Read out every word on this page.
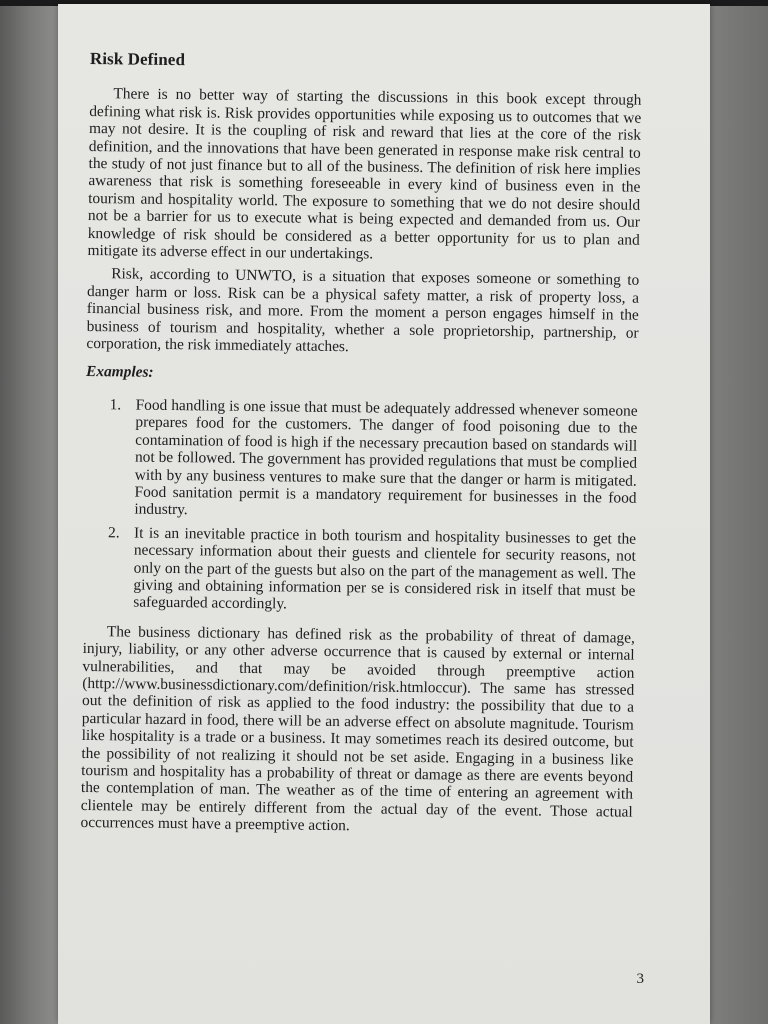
Risk Defined

There is no better way of starting the discussions in this book except through defining what risk is. Risk provides opportunities while exposing us to outcomes that we may not desire. It is the coupling of risk and reward that lies at the core of the risk definition, and the innovations that have been generated in response make risk central to the study of not just finance but to all of the business. The definition of risk here implies awareness that risk is something foreseeable in every kind of business even in the tourism and hospitality world. The exposure to something that we do not desire should not be a barrier for us to execute what is being expected and demanded from us. Our knowledge of risk should be considered as a better opportunity for us to plan and mitigate its adverse effect in our undertakings.

Risk, according to UNWTO, is a situation that exposes someone or something to danger harm or loss. Risk can be a physical safety matter, a risk of property loss, a financial business risk, and more. From the moment a person engages himself in the business of tourism and hospitality, whether a sole proprietorship, partnership, or corporation, the risk immediately attaches.

Examples:
1. Food handling is one issue that must be adequately addressed whenever someone prepares food for the customers. The danger of food poisoning due to the contamination of food is high if the necessary precaution based on standards will not be followed. The government has provided regulations that must be complied with by any business ventures to make sure that the danger or harm is mitigated. Food sanitation permit is a mandatory requirement for businesses in the food industry.
2. It is an inevitable practice in both tourism and hospitality businesses to get the necessary information about their guests and clientele for security reasons, not only on the part of the guests but also on the part of the management as well. The giving and obtaining information per se is considered risk in itself that must be safeguarded accordingly.

The business dictionary has defined risk as the probability of threat of damage, injury, liability, or any other adverse occurrence that is caused by external or internal vulnerabilities, and that may be avoided through preemptive action (http://www.businessdictionary.com/definition/risk.htmloccur). The same has stressed out the definition of risk as applied to the food industry: the possibility that due to a particular hazard in food, there will be an adverse effect on absolute magnitude. Tourism like hospitality is a trade or a business. It may sometimes reach its desired outcome, but the possibility of not realizing it should not be set aside. Engaging in a business like tourism and hospitality has a probability of threat or damage as there are events beyond the contemplation of man. The weather as of the time of entering an agreement with clientele may be entirely different from the actual day of the event. Those actual occurrences must have a preemptive action.

3
